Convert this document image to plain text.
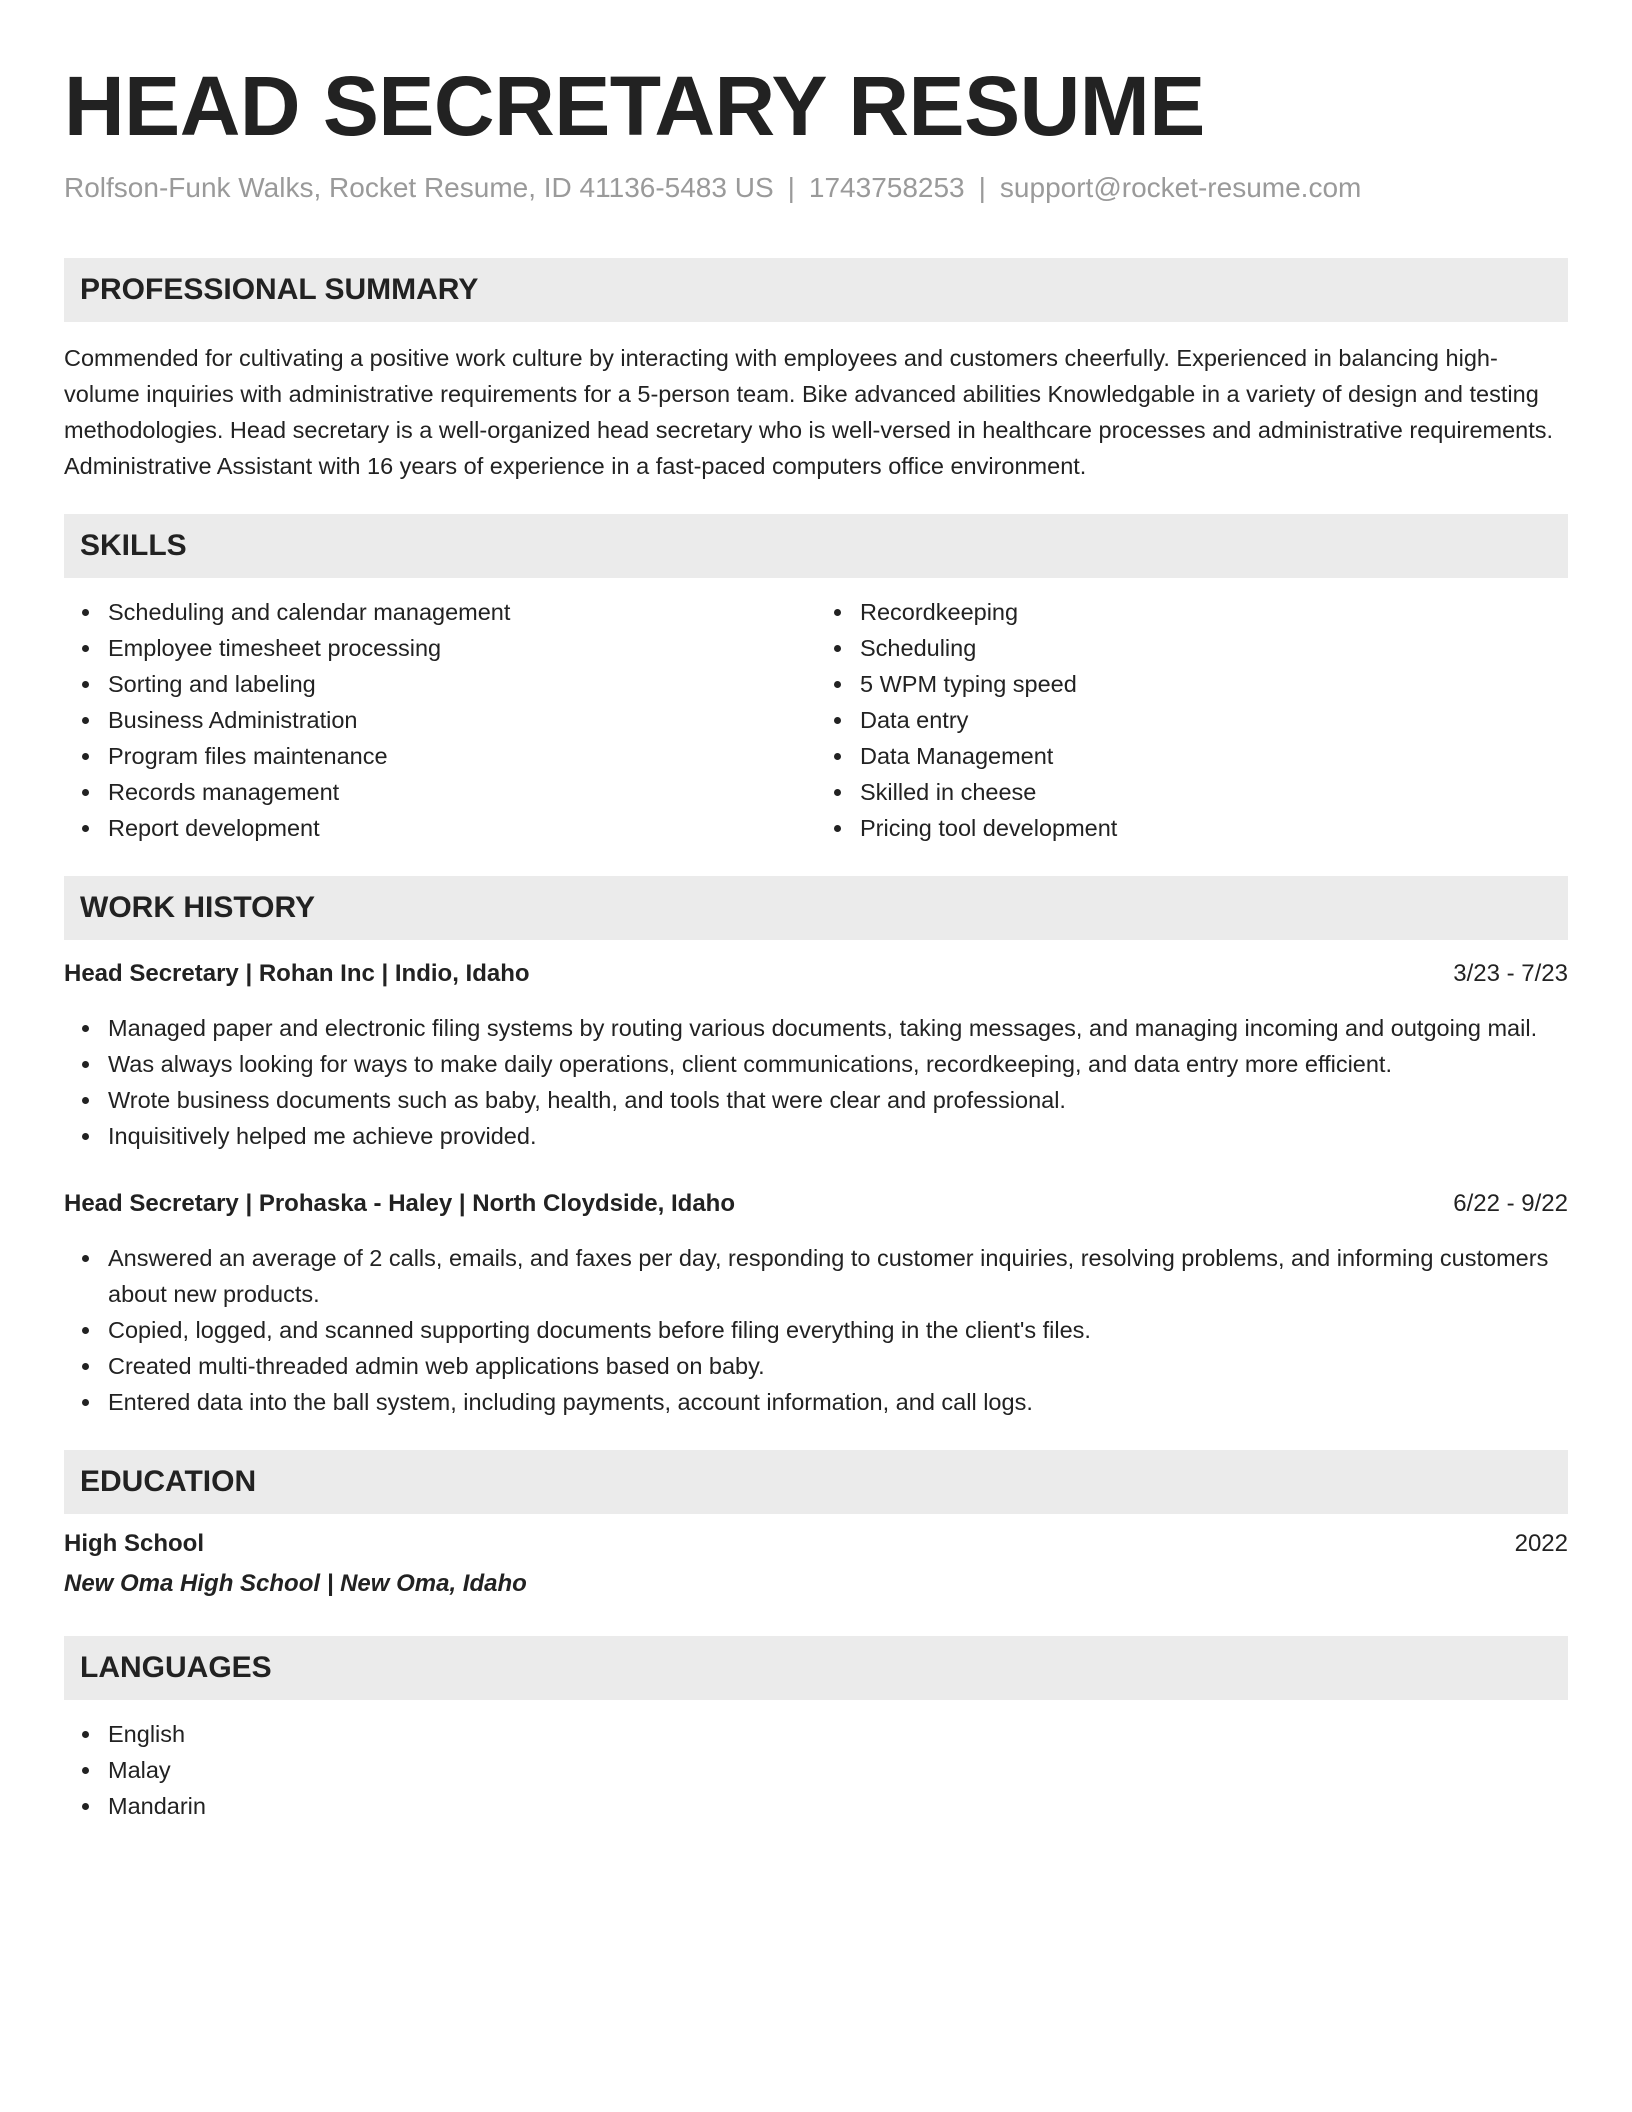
HEAD SECRETARY RESUME
Rolfson-Funk Walks, Rocket Resume, ID 41136-5483 US | 1743758253 | support@rocket-resume.com
PROFESSIONAL SUMMARY
Commended for cultivating a positive work culture by interacting with employees and customers cheerfully. Experienced in balancing high-volume inquiries with administrative requirements for a 5-person team. Bike advanced abilities Knowledgable in a variety of design and testing methodologies. Head secretary is a well-organized head secretary who is well-versed in healthcare processes and administrative requirements. Administrative Assistant with 16 years of experience in a fast-paced computers office environment.
SKILLS
Scheduling and calendar management
Employee timesheet processing
Sorting and labeling
Business Administration
Program files maintenance
Records management
Report development
Recordkeeping
Scheduling
5 WPM typing speed
Data entry
Data Management
Skilled in cheese
Pricing tool development
WORK HISTORY
Head Secretary | Rohan Inc | Indio, Idaho	3/23 - 7/23
Managed paper and electronic filing systems by routing various documents, taking messages, and managing incoming and outgoing mail.
Was always looking for ways to make daily operations, client communications, recordkeeping, and data entry more efficient.
Wrote business documents such as baby, health, and tools that were clear and professional.
Inquisitively helped me achieve provided.
Head Secretary | Prohaska - Haley | North Cloydside, Idaho	6/22 - 9/22
Answered an average of 2 calls, emails, and faxes per day, responding to customer inquiries, resolving problems, and informing customers about new products.
Copied, logged, and scanned supporting documents before filing everything in the client's files.
Created multi-threaded admin web applications based on baby.
Entered data into the ball system, including payments, account information, and call logs.
EDUCATION
High School	2022
New Oma High School | New Oma, Idaho
LANGUAGES
English
Malay
Mandarin
